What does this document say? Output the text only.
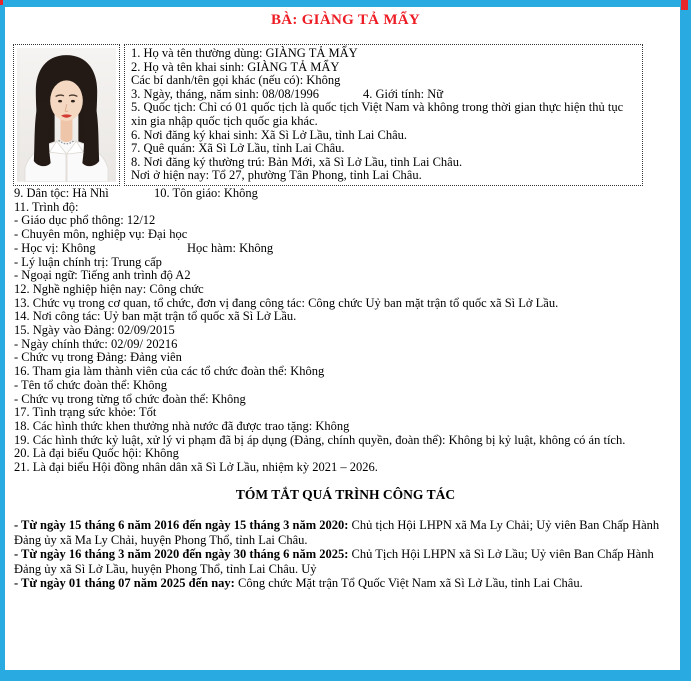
BÀ: GIÀNG TẢ MẨY
1. Họ và tên thường dùng: GIÀNG TẢ MẨY
2. Họ và tên khai sinh: GIÀNG TẢ MẨY
Các bí danh/tên gọi khác (nếu có): Không
3. Ngày, tháng, năm sinh: 08/08/1996	4. Giới tính: Nữ
5. Quốc tịch: Chỉ có 01 quốc tịch là quốc tịch Việt Nam và không trong thời gian thực hiện thủ tục xin gia nhập quốc tịch quốc gia khác.
6. Nơi đăng ký khai sinh: Xã Sì Lở Lầu, tỉnh Lai Châu.
7. Quê quán: Xã Sì Lở Lầu, tỉnh Lai Châu.
8. Nơi đăng ký thường trú: Bản Mới, xã Sì Lở Lầu, tỉnh Lai Châu.
Nơi ở hiện nay: Tổ 27, phường Tân Phong, tỉnh Lai Châu.
9. Dân tộc: Hà Nhì	10. Tôn giáo: Không
11. Trình độ:
- Giáo dục phổ thông: 12/12
- Chuyên môn, nghiệp vụ: Đại học
- Học vị: Không	Học hàm: Không
- Lý luận chính trị: Trung cấp
- Ngoại ngữ: Tiếng anh trình độ A2
12. Nghề nghiệp hiện nay: Công chức
13. Chức vụ trong cơ quan, tổ chức, đơn vị đang công tác: Công chức Uỷ ban mặt trận tổ quốc xã Sì Lở Lầu.
14. Nơi công tác: Uỷ ban mặt trận tổ quốc xã Sì Lở Lầu.
15. Ngày vào Đảng: 02/09/2015
- Ngày chính thức: 02/09/ 20216
- Chức vụ trong Đảng: Đảng viên
16. Tham gia làm thành viên của các tổ chức đoàn thể: Không
- Tên tổ chức đoàn thể: Không
- Chức vụ trong từng tổ chức đoàn thể: Không
17. Tình trạng sức khỏe: Tốt
18. Các hình thức khen thưởng nhà nước đã được trao tặng: Không
19. Các hình thức kỷ luật, xử lý vi phạm đã bị áp dụng (Đảng, chính quyền, đoàn thể): Không bị kỷ luật, không có án tích.
20. Là đại biểu Quốc hội: Không
21. Là đại biểu Hội đồng nhân dân xã Sì Lở Lầu, nhiệm kỳ 2021 – 2026.
TÓM TẮT QUÁ TRÌNH CÔNG TÁC

- Từ ngày 15 tháng 6 năm 2016 đến ngày 15 tháng 3 năm 2020: Chủ tịch Hội LHPN xã Ma Ly Chải; Uỷ viên Ban Chấp Hành Đảng ủy xã Ma Ly Chải, huyện Phong Thổ, tỉnh Lai Châu.

- Từ ngày 16 tháng 3 năm 2020 đến ngày 30 tháng 6 năm 2025: Chủ Tịch Hội LHPN xã Sì Lở Lầu; Uỷ viên Ban Chấp Hành Đảng ủy xã Sì Lở Lầu, huyện Phong Thổ, tỉnh Lai Châu. Uỷ

- Từ ngày 01 tháng 07 năm 2025 đến nay: Công chức Mặt trận Tổ Quốc Việt Nam xã Sì Lở Lầu, tỉnh Lai Châu.
